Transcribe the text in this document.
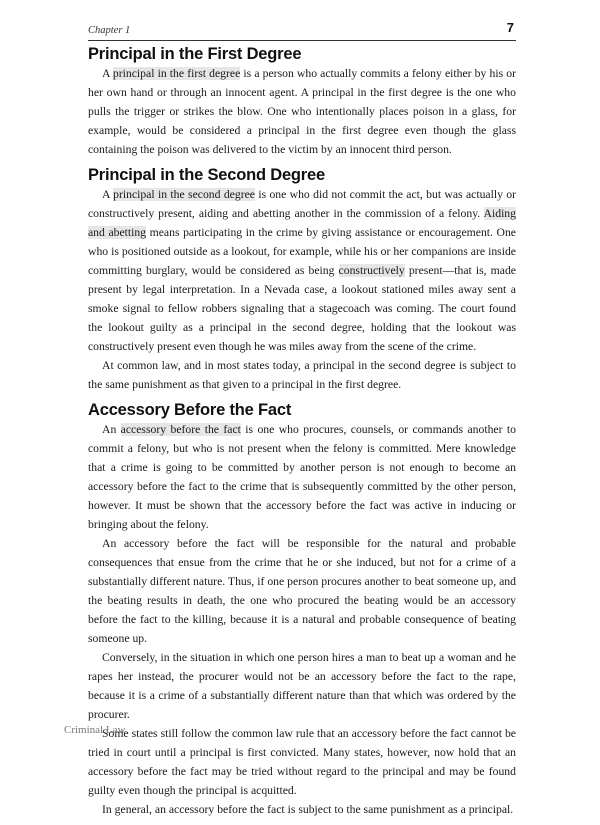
Chapter 1	7
Principal in the First Degree

A principal in the first degree is a person who actually commits a felony either by his or her own hand or through an innocent agent. A principal in the first degree is the one who pulls the trigger or strikes the blow. One who intentionally places poison in a glass, for example, would be considered a principal in the first degree even though the glass containing the poison was delivered to the victim by an innocent third person.

Principal in the Second Degree

A principal in the second degree is one who did not commit the act, but was actually or constructively present, aiding and abetting another in the commission of a felony. Aiding and abetting means participating in the crime by giving assistance or encouragement. One who is positioned outside as a lookout, for example, while his or her companions are inside committing burglary, would be considered as being constructively present—that is, made present by legal interpretation. In a Nevada case, a lookout stationed miles away sent a smoke signal to fellow robbers signaling that a stagecoach was coming. The court found the lookout guilty as a principal in the second degree, holding that the lookout was constructively present even though he was miles away from the scene of the crime.

At common law, and in most states today, a principal in the second degree is subject to the same punishment as that given to a principal in the first degree.

Accessory Before the Fact

An accessory before the fact is one who procures, counsels, or commands another to commit a felony, but who is not present when the felony is committed. Mere knowledge that a crime is going to be committed by another person is not enough to become an accessory before the fact to the crime that is subsequently committed by the other person, however. It must be shown that the accessory before the fact was active in inducing or bringing about the felony.

An accessory before the fact will be responsible for the natural and probable consequences that ensue from the crime that he or she induced, but not for a crime of a substantially different nature. Thus, if one person procures another to beat someone up, and the beating results in death, the one who procured the beating would be an accessory before the fact to the killing, because it is a natural and probable consequence of beating someone up.

Conversely, in the situation in which one person hires a man to beat up a woman and he rapes her instead, the procurer would not be an accessory before the fact to the rape, because it is a crime of a substantially different nature than that which was ordered by the procurer.

Some states still follow the common law rule that an accessory before the fact cannot be tried in court until a principal is first convicted. Many states, however, now hold that an accessory before the fact may be tried without regard to the principal and may be found guilty even though the principal is acquitted.

In general, an accessory before the fact is subject to the same punishment as a principal.

Criminal Law
